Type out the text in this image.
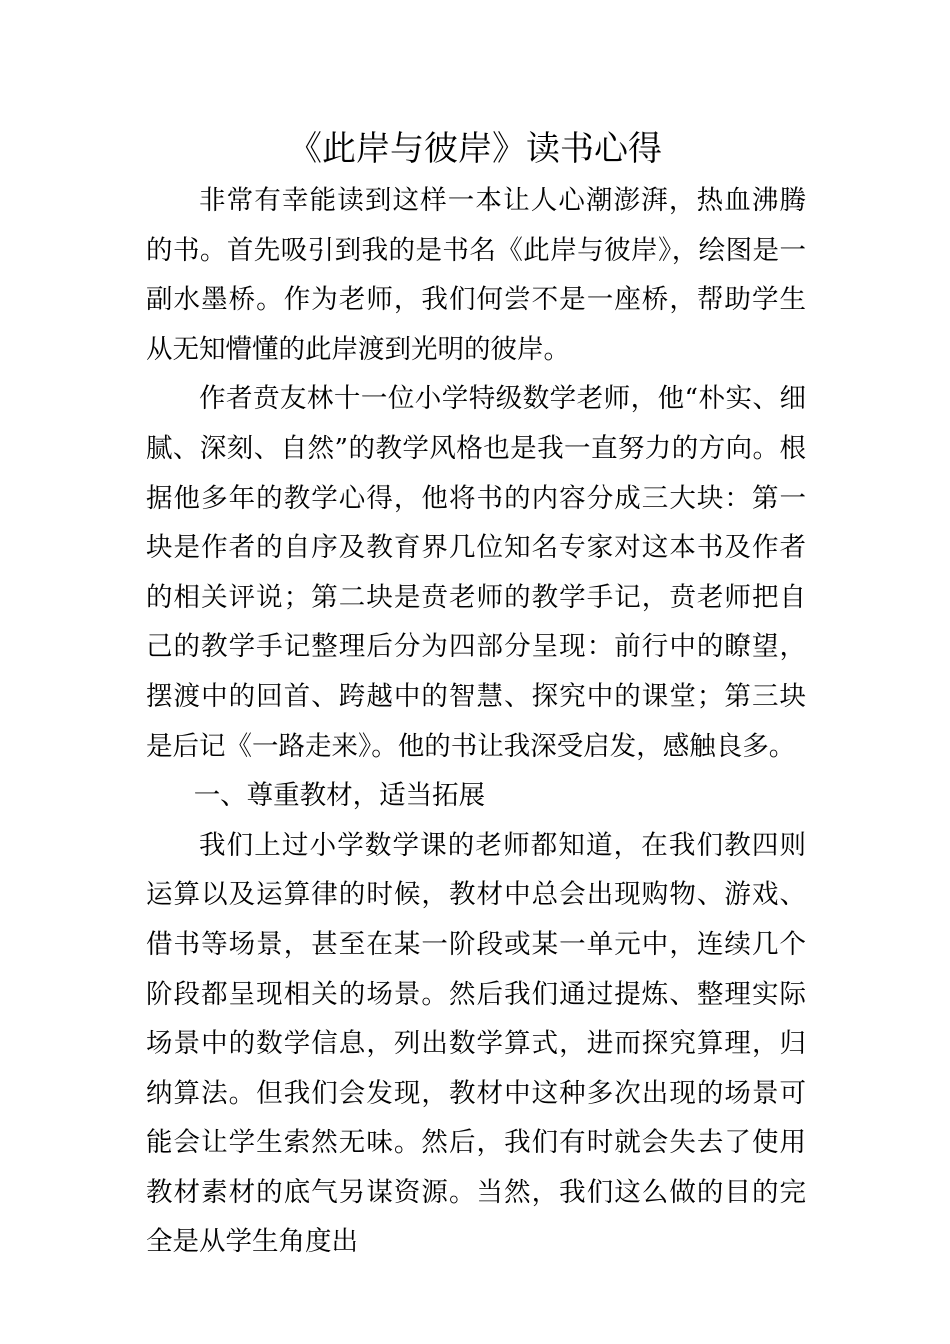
《此岸与彼岸》读书心得

非常有幸能读到这样一本让人心潮澎湃，热血沸腾的书。首先吸引到我的是书名《此岸与彼岸》，绘图是一副水墨桥。作为老师，我们何尝不是一座桥，帮助学生从无知懵懂的此岸渡到光明的彼岸。

作者贲友林十一位小学特级数学老师，他“朴实、细腻、深刻、自然”的教学风格也是我一直努力的方向。根据他多年的教学心得，他将书的内容分成三大块：第一块是作者的自序及教育界几位知名专家对这本书及作者的相关评说；第二块是贲老师的教学手记，贲老师把自己的教学手记整理后分为四部分呈现：前行中的瞭望，摆渡中的回首、跨越中的智慧、探究中的课堂；第三块是后记《一路走来》。他的书让我深受启发，感触良多。

一、尊重教材，适当拓展

我们上过小学数学课的老师都知道，在我们教四则运算以及运算律的时候，教材中总会出现购物、游戏、借书等场景，甚至在某一阶段或某一单元中，连续几个阶段都呈现相关的场景。然后我们通过提炼、整理实际场景中的数学信息，列出数学算式，进而探究算理，归纳算法。但我们会发现，教材中这种多次出现的场景可能会让学生索然无味。然后，我们有时就会失去了使用教材素材的底气另谋资源。当然，我们这么做的目的完全是从学生角度出
